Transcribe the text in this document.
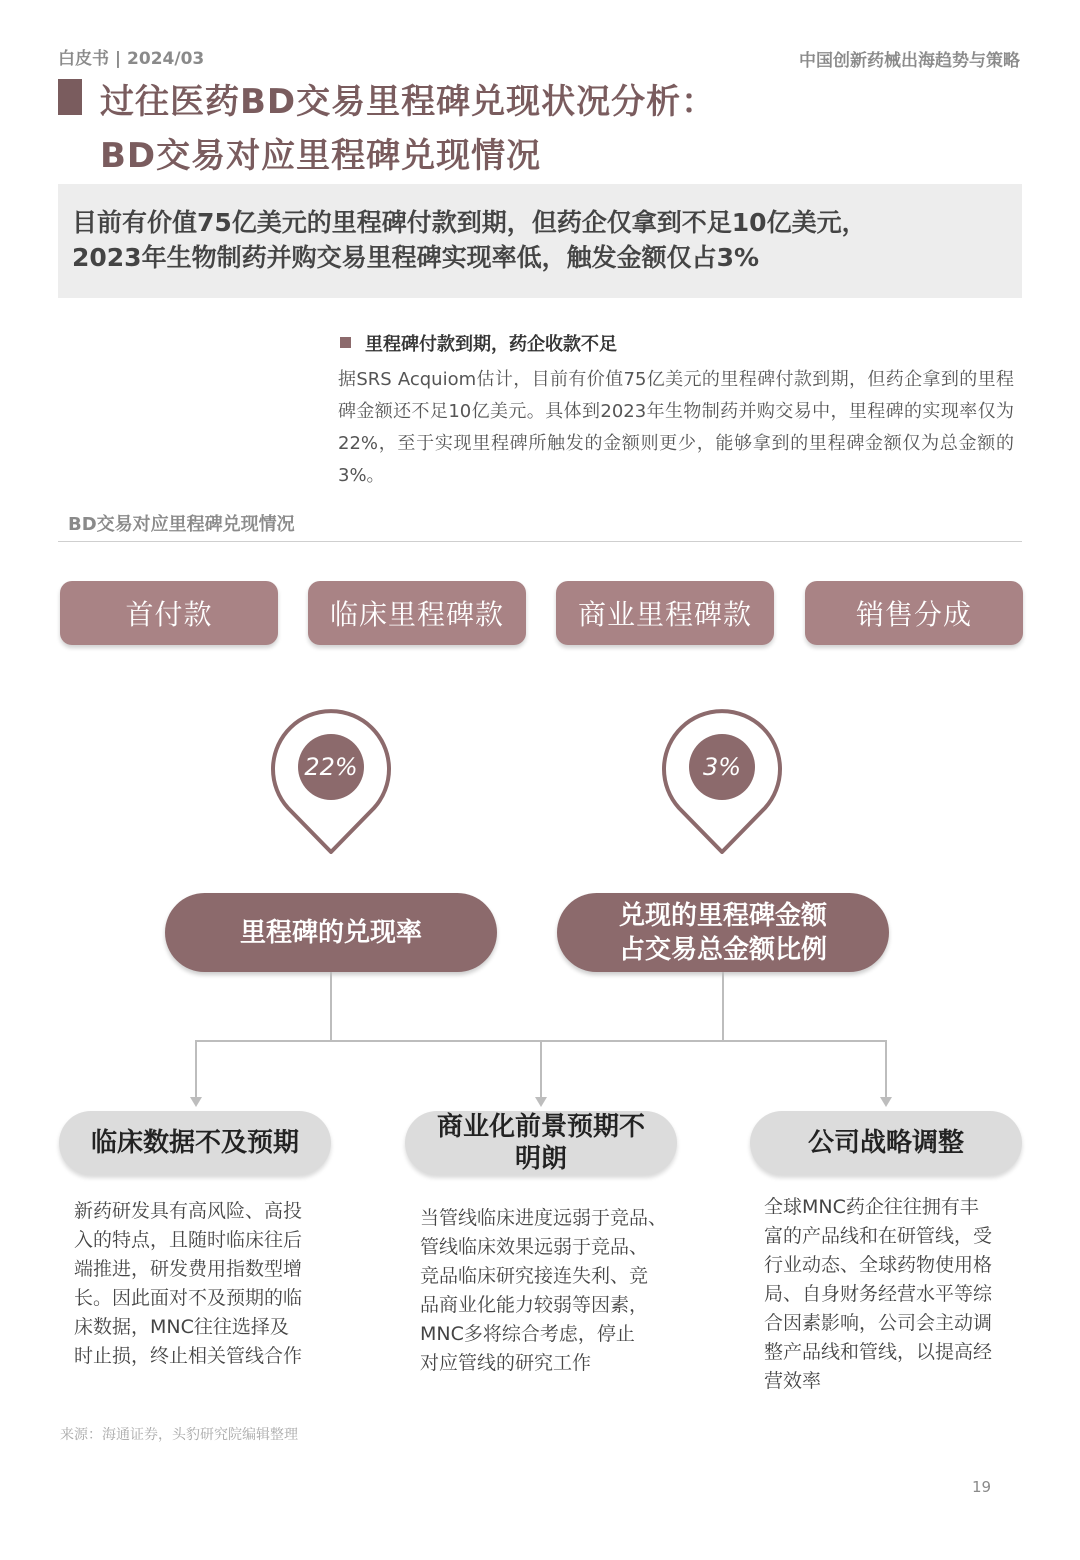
白皮书 | 2024/03	中国创新药械出海趋势与策略
过往医药BD交易里程碑兑现状况分析：
BD交易对应里程碑兑现情况
目前有价值75亿美元的里程碑付款到期，但药企仅拿到不足10亿美元，
2023年生物制药并购交易里程碑实现率低，触发金额仅占3%
里程碑付款到期，药企收款不足
据SRS Acquiom估计，目前有价值75亿美元的里程碑付款到期，但药企拿到的里程碑金额还不足10亿美元。具体到2023年生物制药并购交易中，里程碑的实现率仅为22%，至于实现里程碑所触发的金额则更少，能够拿到的里程碑金额仅为总金额的3%。
BD交易对应里程碑兑现情况
首付款	临床里程碑款	商业里程碑款	销售分成
22%	3%
里程碑的兑现率
兑现的里程碑金额
占交易总金额比例
临床数据不及预期
商业化前景预期不
明朗
公司战略调整
新药研发具有高风险、高投
入的特点，且随时临床往后
端推进，研发费用指数型增
长。因此面对不及预期的临
床数据，MNC往往选择及
时止损，终止相关管线合作
当管线临床进度远弱于竞品、
管线临床效果远弱于竞品、
竞品临床研究接连失利、竞
品商业化能力较弱等因素，
MNC多将综合考虑，停止
对应管线的研究工作
全球MNC药企往往拥有丰
富的产品线和在研管线，受
行业动态、全球药物使用格
局、自身财务经营水平等综
合因素影响，公司会主动调
整产品线和管线，以提高经
营效率
来源：海通证券，头豹研究院编辑整理
19
